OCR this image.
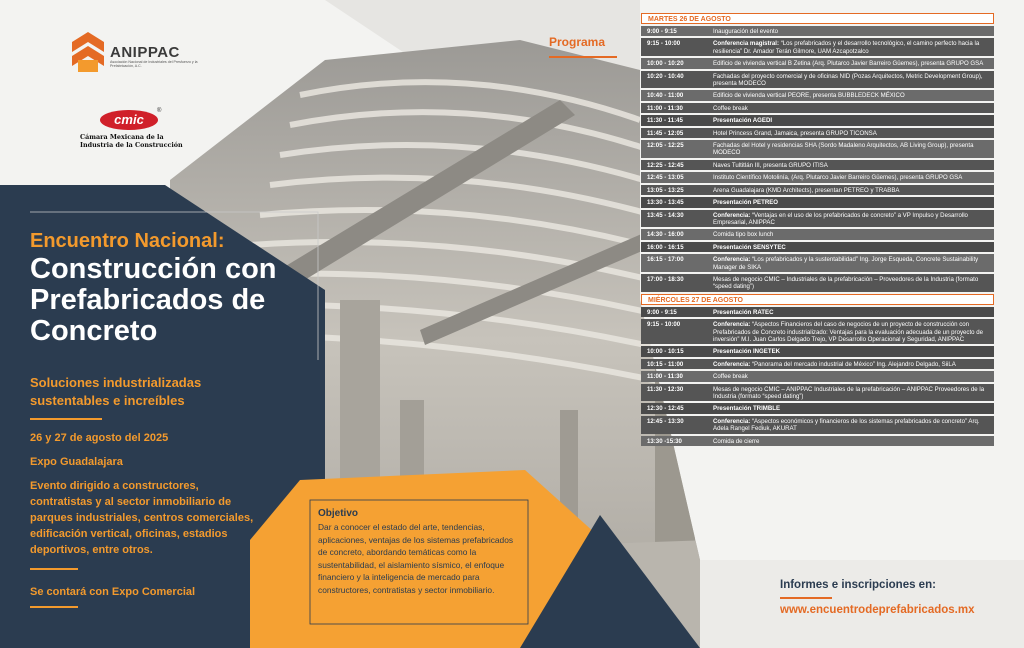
ANIPPAC
Asociación Nacional de Industriales del Presfuerzo y la Prefabricación, A.C.
cmic
®
Cámara Mexicana de la Industria de la Construcción
Encuentro Nacional:
Construcción con Prefabricados de Concreto
Soluciones industrializadas sustentables e increíbles
26 y 27 de agosto del 2025
Expo Guadalajara
Evento dirigido a constructores, contratistas y al sector inmobiliario de parques industriales, centros comerciales, edificación vertical, oficinas, estadios deportivos, entre otros.
Se contará con Expo Comercial
Objetivo
Dar a conocer el estado del arte, tendencias, aplicaciones, ventajas de los sistemas prefabricados de concreto, abordando temáticas como la sustentabilidad, el aislamiento sísmico, el enfoque financiero y la inteligencia de mercado para constructores, contratistas y sector inmobiliario.
Programa
MARTES 26 DE AGOSTO
9:00 - 9:15	Inauguración del evento
9:15 - 10:00	Conferencia magistral: “Los prefabricados y el desarrollo tecnológico, el camino perfecto hacia la resiliencia” Dr. Amador Terán Gilmore, UAM Azcapotzalco
10:00 - 10:20	Edificio de vivienda vertical B Zetina (Arq. Plutarco Javier Barreiro Güemes), presenta GRUPO GSA
10:20 - 10:40	Fachadas del proyecto comercial y de oficinas NID (Pozas Arquitectos, Metric Development Group), presenta MODECO
10:40 - 11:00	Edificio de vivienda vertical PEORE, presenta BUBBLEDECK MÉXICO
11:00 - 11:30	Coffee break
11:30 - 11:45	Presentación AGEDI
11:45 - 12:05	Hotel Princess Grand, Jamaica, presenta GRUPO TICONSA
12:05 - 12:25	Fachadas del Hotel y residencias SHA (Sordo Madaleno Arquitectos, AB Living Group), presenta MODECO
12:25 - 12:45	Naves Tultitlán III, presenta GRUPO ITISA
12:45 - 13:05	Instituto Científico Motolinía, (Arq. Plutarco Javier Barreiro Güemes), presenta GRUPO GSA
13:05 - 13:25	Arena Guadalajara (KMD Architects), presentan PETREO y TRABBA
13:30 - 13:45	Presentación PETREO
13:45 - 14:30	Conferencia: “Ventajas en el uso de los prefabricados de concreto” a VP Impulso y Desarrollo Empresarial, ANIPPAC
14:30 - 16:00	Comida tipo box lunch
16:00 - 16:15	Presentación SENSYTEC
16:15 - 17:00	Conferencia: “Los prefabricados y la sustentabilidad” Ing. Jorge Esqueda, Concrete Sustainability Manager de SIKA
17:00 - 18:30	Mesas de negocio CMIC – Industriales de la prefabricación – Proveedores de la Industria (formato “speed dating”)
MIÉRCOLES 27 DE AGOSTO
9:00 - 9:15	Presentación RATEC
9:15 - 10:00	Conferencia: “Aspectos Financieros del caso de negocios de un proyecto de construcción con Prefabricados de Concreto industrializado: Ventajas para la evaluación adecuada de un proyecto de inversión” M.I. Juan Carlos Delgado Trejo, VP Desarrollo Operacional y Seguridad, ANIPPAC
10:00 - 10:15	Presentación INGETEK
10:15 - 11:00	Conferencia: “Panorama del mercado industrial de México” Ing. Alejandro Delgado, SiiLA
11:00 - 11:30	Coffee break
11:30 - 12:30	Mesas de negocio CMIC – ANIPPAC Industriales de la prefabricación – ANIPPAC Proveedores de la Industria (formato “speed dating”)
12:30 - 12:45	Presentación TRIMBLE
12:45 - 13:30	Conferencia: “Aspectos económicos y financieros de los sistemas prefabricados de concreto” Arq. Adela Rangel Fediuk, AKURAT
13:30 -15:30	Comida de cierre
Informes e inscripciones en:
www.encuentrodeprefabricados.mx
